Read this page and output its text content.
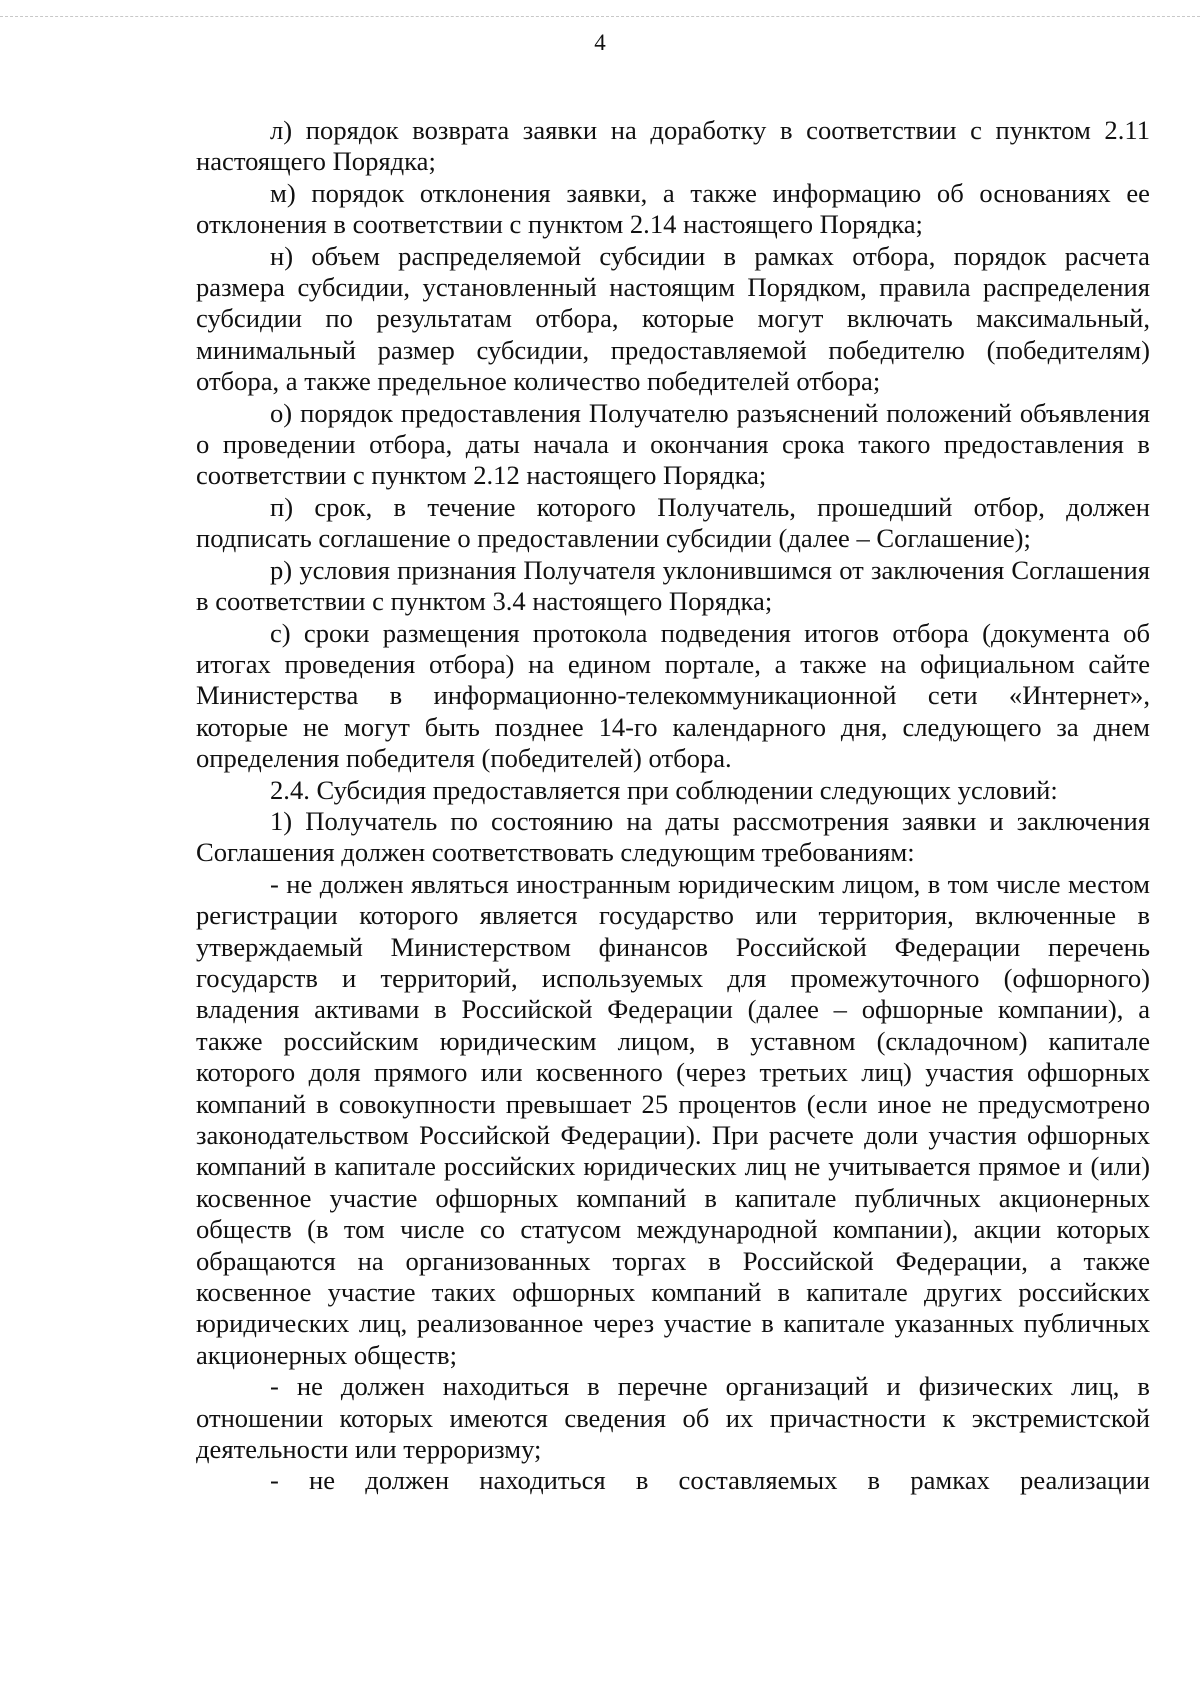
4

л) порядок возврата заявки на доработку в соответствии с пунктом 2.11 настоящего Порядка;

м) порядок отклонения заявки, а также информацию об основаниях ее отклонения в соответствии с пунктом 2.14 настоящего Порядка;

н) объем распределяемой субсидии в рамках отбора, порядок расчета размера субсидии, установленный настоящим Порядком, правила распределения субсидии по результатам отбора, которые могут включать максимальный, минимальный размер субсидии, предоставляемой победителю (победителям) отбора, а также предельное количество победителей отбора;

о) порядок предоставления Получателю разъяснений положений объявления о проведении отбора, даты начала и окончания срока такого предоставления в соответствии с пунктом 2.12 настоящего Порядка;

п) срок, в течение которого Получатель, прошедший отбор, должен подписать соглашение о предоставлении субсидии (далее – Соглашение);

р) условия признания Получателя уклонившимся от заключения Соглашения в соответствии с пунктом 3.4 настоящего Порядка;

с) сроки размещения протокола подведения итогов отбора (документа об итогах проведения отбора) на едином портале, а также на официальном сайте Министерства в информационно-телекоммуникационной сети «Интернет», которые не могут быть позднее 14-го календарного дня, следующего за днем определения победителя (победителей) отбора.

2.4. Субсидия предоставляется при соблюдении следующих условий:

1) Получатель по состоянию на даты рассмотрения заявки и заключения Соглашения должен соответствовать следующим требованиям:

- не должен являться иностранным юридическим лицом, в том числе местом регистрации которого является государство или территория, включенные в утверждаемый Министерством финансов Российской Федерации перечень государств и территорий, используемых для промежуточного (офшорного) владения активами в Российской Федерации (далее – офшорные компании), а также российским юридическим лицом, в уставном (складочном) капитале которого доля прямого или косвенного (через третьих лиц) участия офшорных компаний в совокупности превышает 25 процентов (если иное не предусмотрено законодательством Российской Федерации). При расчете доли участия офшорных компаний в капитале российских юридических лиц не учитывается прямое и (или) косвенное участие офшорных компаний в капитале публичных акционерных обществ (в том числе со статусом международной компании), акции которых обращаются на организованных торгах в Российской Федерации, а также косвенное участие таких офшорных компаний в капитале других российских юридических лиц, реализованное через участие в капитале указанных публичных акционерных обществ;

- не должен находиться в перечне организаций и физических лиц, в отношении которых имеются сведения об их причастности к экстремистской деятельности или терроризму;

- не должен находиться в составляемых в рамках реализации
